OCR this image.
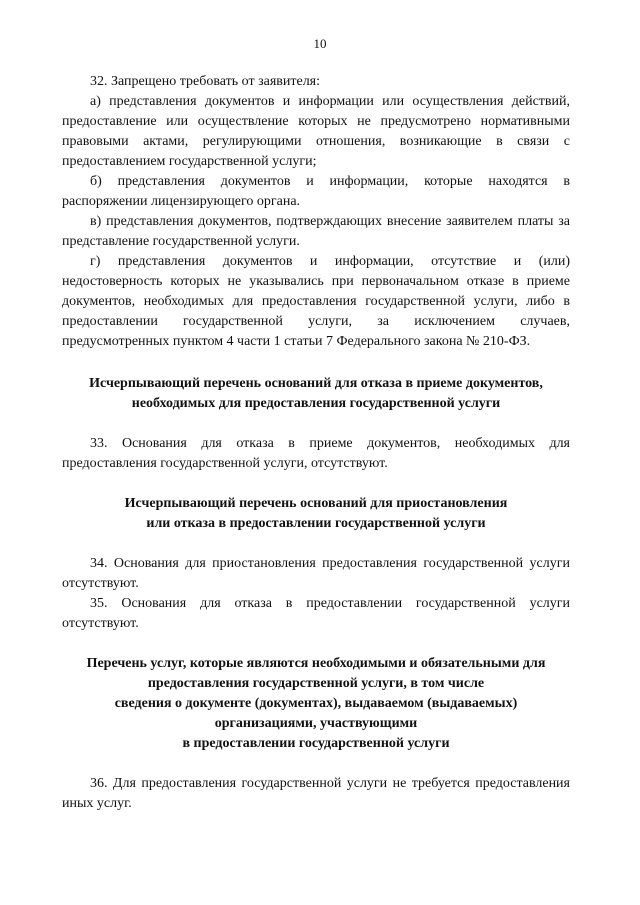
10

32. Запрещено требовать от заявителя:

а) представления документов и информации или осуществления действий, предоставление или осуществление которых не предусмотрено нормативными правовыми актами, регулирующими отношения, возникающие в связи с предоставлением государственной услуги;

б) представления документов и информации, которые находятся в распоряжении лицензирующего органа.

в) представления документов, подтверждающих внесение заявителем платы за представление государственной услуги.

г) представления документов и информации, отсутствие и (или) недостоверность которых не указывались при первоначальном отказе в приеме документов, необходимых для предоставления государственной услуги, либо в предоставлении государственной услуги, за исключением случаев, предусмотренных пунктом 4 части 1 статьи 7 Федерального закона № 210-ФЗ.

Исчерпывающий перечень оснований для отказа в приеме документов,
необходимых для предоставления государственной услуги

33. Основания для отказа в приеме документов, необходимых для предоставления государственной услуги, отсутствуют.

Исчерпывающий перечень оснований для приостановления
или отказа в предоставлении государственной услуги

34. Основания для приостановления предоставления государственной услуги отсутствуют.

35. Основания для отказа в предоставлении государственной услуги отсутствуют.

Перечень услуг, которые являются необходимыми и обязательными для
предоставления государственной услуги, в том числе
сведения о документе (документах), выдаваемом (выдаваемых)
организациями, участвующими
в предоставлении государственной услуги

36. Для предоставления государственной услуги не требуется предоставления иных услуг.
